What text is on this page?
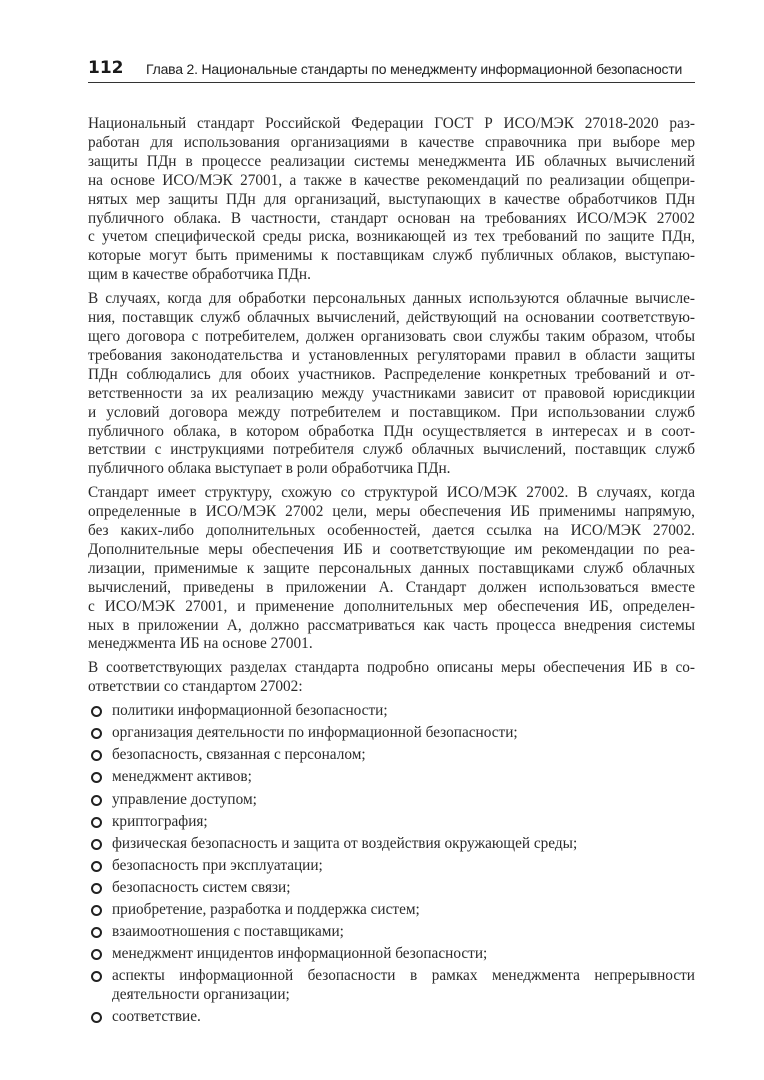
112 Глава 2. Национальные стандарты по менеджменту информационной безопасности
Национальный стандарт Российской Федерации ГОСТ Р ИСО/МЭК 27018-2020 раз-
работан для использования организациями в качестве справочника при выборе мер
защиты ПДн в процессе реализации системы менеджмента ИБ облачных вычислений
на основе ИСО/МЭК 27001, а также в качестве рекомендаций по реализации общепри-
нятых мер защиты ПДн для организаций, выступающих в качестве обработчиков ПДн
публичного облака. В частности, стандарт основан на требованиях ИСО/МЭК 27002
с учетом специфической среды риска, возникающей из тех требований по защите ПДн,
которые могут быть применимы к поставщикам служб публичных облаков, выступаю-
щим в качестве обработчика ПДн.
В случаях, когда для обработки персональных данных используются облачные вычисле-
ния, поставщик служб облачных вычислений, действующий на основании соответствую-
щего договора с потребителем, должен организовать свои службы таким образом, чтобы
требования законодательства и установленных регуляторами правил в области защиты
ПДн соблюдались для обоих участников. Распределение конкретных требований и от-
ветственности за их реализацию между участниками зависит от правовой юрисдикции
и условий договора между потребителем и поставщиком. При использовании служб
публичного облака, в котором обработка ПДн осуществляется в интересах и в соот-
ветствии с инструкциями потребителя служб облачных вычислений, поставщик служб
публичного облака выступает в роли обработчика ПДн.
Стандарт имеет структуру, схожую со структурой ИСО/МЭК 27002. В случаях, когда
определенные в ИСО/МЭК 27002 цели, меры обеспечения ИБ применимы напрямую,
без каких-либо дополнительных особенностей, дается ссылка на ИСО/МЭК 27002.
Дополнительные меры обеспечения ИБ и соответствующие им рекомендации по реа-
лизации, применимые к защите персональных данных поставщиками служб облачных
вычислений, приведены в приложении А. Стандарт должен использоваться вместе
с ИСО/МЭК 27001, и применение дополнительных мер обеспечения ИБ, определен-
ных в приложении А, должно рассматриваться как часть процесса внедрения системы
менеджмента ИБ на основе 27001.
В соответствующих разделах стандарта подробно описаны меры обеспечения ИБ в со-
ответствии со стандартом 27002:
политики информационной безопасности;
организация деятельности по информационной безопасности;
безопасность, связанная с персоналом;
менеджмент активов;
управление доступом;
криптография;
физическая безопасность и защита от воздействия окружающей среды;
безопасность при эксплуатации;
безопасность систем связи;
приобретение, разработка и поддержка систем;
взаимоотношения с поставщиками;
менеджмент инцидентов информационной безопасности;
аспекты информационной безопасности в рамках менеджмента непрерывности
деятельности организации;
соответствие.
